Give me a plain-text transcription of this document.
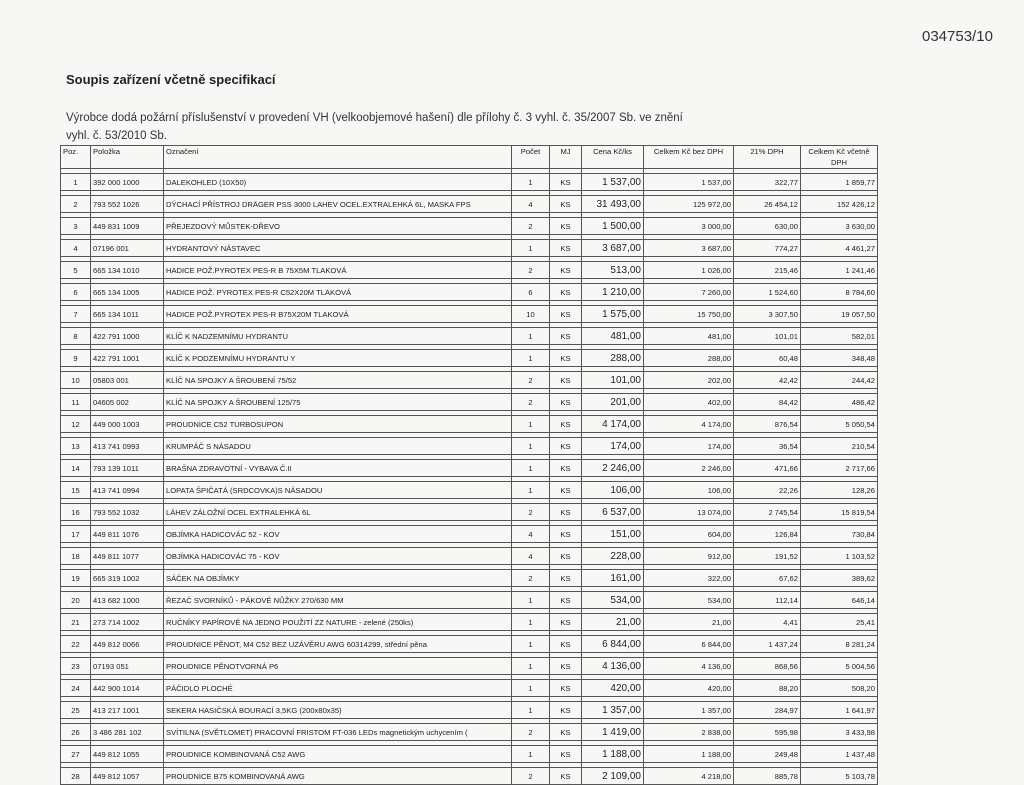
034753/10
Soupis zařízení včetně specifikací
Výrobce dodá požární příslušenství v provedení VH (velkoobjemové hašení) dle přílohy č. 3 vyhl. č. 35/2007 Sb. ve znění vyhl. č. 53/2010 Sb.
Poz.	Položka	Označení	Počet	MJ	Cena Kč/ks	Celkem Kč bez DPH	21% DPH	Celkem Kč včetně DPH

1	392 000 1000	DALEKOHLED (10X50)	1	KS	1 537,00	1 537,00	322,77	1 859,77

2	793 552 1026	DÝCHACÍ PŘÍSTROJ DRÄGER PSS 3000 LAHEV OCEL.EXTRALEHKÁ 6L, MASKA FPS	4	KS	31 493,00	125 972,00	26 454,12	152 426,12

3	449 831 1009	PŘEJEZDOVÝ MŮSTEK-DŘEVO	2	KS	1 500,00	3 000,00	630,00	3 630,00

4	07196 001	HYDRANTOVÝ NÁSTAVEC	1	KS	3 687,00	3 687,00	774,27	4 461,27

5	665 134 1010	HADICE POŽ.PYROTEX PES-R B 75X5M TLAKOVÁ	2	KS	513,00	1 026,00	215,46	1 241,46

6	665 134 1005	HADICE POŽ. PYROTEX PES-R C52X20M TLAKOVÁ	6	KS	1 210,00	7 260,00	1 524,60	8 784,60

7	665 134 1011	HADICE POŽ.PYROTEX PES-R B75X20M TLAKOVÁ	10	KS	1 575,00	15 750,00	3 307,50	19 057,50

8	422 791 1000	KLÍČ K NADZEMNÍMU HYDRANTU	1	KS	481,00	481,00	101,01	582,01

9	422 791 1001	KLÍČ K PODZEMNÍMU HYDRANTU Y	1	KS	288,00	288,00	60,48	348,48

10	05803 001	KLÍČ NA SPOJKY A ŠROUBENÍ 75/52	2	KS	101,00	202,00	42,42	244,42

11	04605 002	KLÍČ NA SPOJKY A ŠROUBENÍ 125/75	2	KS	201,00	402,00	84,42	486,42

12	449 000 1003	PROUDNICE C52 TURBOSUPON	1	KS	4 174,00	4 174,00	876,54	5 050,54

13	413 741 0993	KRUMPÁČ S NÁSADOU	1	KS	174,00	174,00	36,54	210,54

14	793 139 1011	BRAŠNA ZDRAVOTNÍ - VYBAVA Č.II	1	KS	2 246,00	2 246,00	471,66	2 717,66

15	413 741 0994	LOPATA ŠPIČATÁ (SRDCOVKA)S NÁSADOU	1	KS	106,00	106,00	22,26	128,26

16	793 552 1032	LÁHEV ZÁLOŽNÍ OCEL EXTRALEHKÁ 6L	2	KS	6 537,00	13 074,00	2 745,54	15 819,54

17	449 811 1076	OBJÍMKA HADICOVÁC 52 - KOV	4	KS	151,00	604,00	126,84	730,84

18	449 811 1077	OBJÍMKA HADICOVÁC 75 - KOV	4	KS	228,00	912,00	191,52	1 103,52

19	665 319 1002	SÁČEK NA OBJÍMKY	2	KS	161,00	322,00	67,62	389,62

20	413 682 1000	ŘEZAČ SVORNÍKŮ - PÁKOVÉ NŮŽKY 270/630 MM	1	KS	534,00	534,00	112,14	646,14

21	273 714 1002	RUČNÍKY PAPÍROVÉ NA JEDNO POUŽITÍ ZZ NATURE - zelené (250ks)	1	KS	21,00	21,00	4,41	25,41

22	449 812 0066	PROUDNICE PĚNOT, M4 C52 BEZ UZÁVĚRU AWG 60314299, střední pěna	1	KS	6 844,00	6 844,00	1 437,24	8 281,24

23	07193 051	PROUDNICE PĚNOTVORNÁ P6	1	KS	4 136,00	4 136,00	868,56	5 004,56

24	442 900 1014	PÁČIDLO PLOCHÉ	1	KS	420,00	420,00	88,20	508,20

25	413 217 1001	SEKERA HASIČSKÁ BOURACÍ 3,5KG (200x80x35)	1	KS	1 357,00	1 357,00	284,97	1 641,97

26	3 486 281 102	SVÍTILNA (SVĚTLOMET) PRACOVNÍ FRISTOM FT-036 LEDs magnetickým uchycením (	2	KS	1 419,00	2 838,00	595,98	3 433,98

27	449 812 1055	PROUDNICE KOMBINOVANÁ C52 AWG	1	KS	1 188,00	1 188,00	249,48	1 437,48

28	449 812 1057	PROUDNICE B75 KOMBINOVANÁ AWG	2	KS	2 109,00	4 218,00	885,78	5 103,78
